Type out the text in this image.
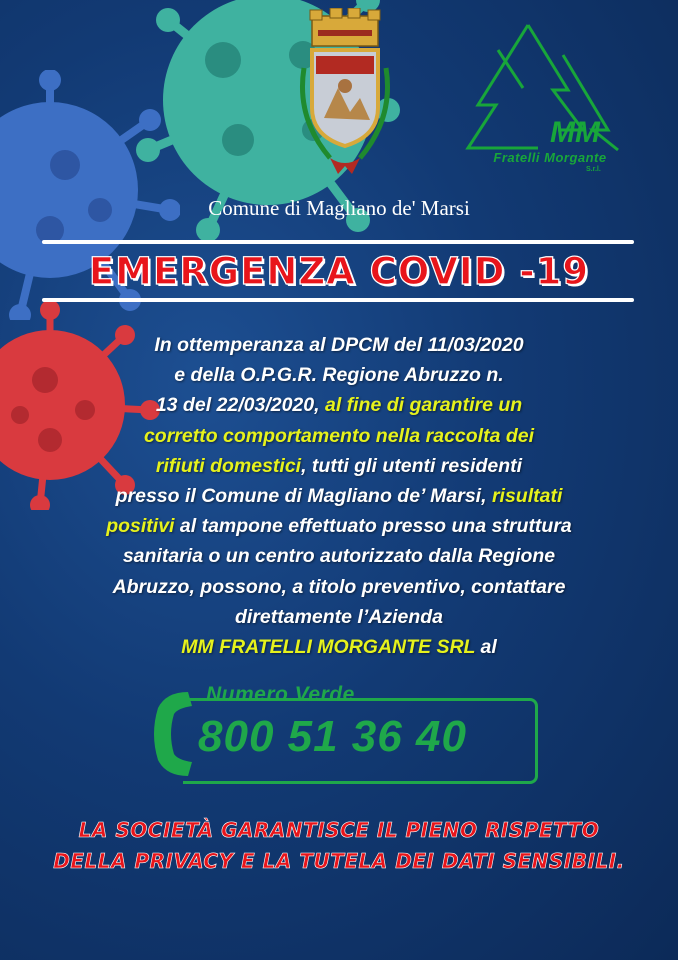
MM
Fratelli Morgante
S.r.l.
Comune di Magliano de' Marsi
EMERGENZA COVID -19
In ottemperanza al DPCM del 11/03/2020
e della O.P.G.R. Regione Abruzzo n.
13 del 22/03/2020, al fine di garantire un
corretto comportamento nella raccolta dei
rifiuti domestici, tutti gli utenti residenti
presso il Comune di Magliano de’ Marsi, risultati
positivi al tampone effettuato presso una struttura
sanitaria o un centro autorizzato dalla Regione
Abruzzo, possono, a titolo preventivo, contattare
direttamente l’Azienda
MM FRATELLI MORGANTE SRL al
Numero Verde
800 51 36 40
LA SOCIETÀ GARANTISCE IL PIENO RISPETTO
DELLA PRIVACY E LA TUTELA DEI DATI SENSIBILI.
